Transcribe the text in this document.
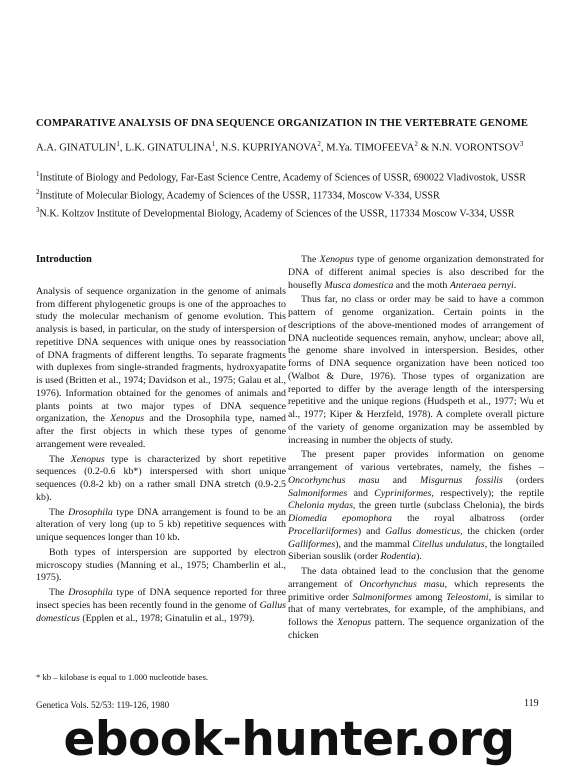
COMPARATIVE ANALYSIS OF DNA SEQUENCE ORGANIZATION IN THE VERTEBRATE GENOME
A.A. GINATULIN$^1$, L.K. GINATULINA$^1$, N.S. KUPRIYANOVA$^2$, M.Ya. TIMOFEEVA$^2$ & N.N. VORONTSOV$^3$
$^1$Institute of Biology and Pedology, Far-East Science Centre, Academy of Sciences of USSR, 690022 Vladivostok, USSR
$^2$Institute of Molecular Biology, Academy of Sciences of the USSR, 117334, Moscow V-334, USSR
$^3$N.K. Koltzov Institute of Developmental Biology, Academy of Sciences of the USSR, 117334 Moscow V-334, USSR
Introduction

Analysis of sequence organization in the genome of animals from different phylogenetic groups is one of the approaches to study the molecular mechanism of genome evolution. This analysis is based, in particular, on the study of interspersion of repetitive DNA sequences with unique ones by reassociation of DNA fragments of different lengths. To separate fragments with duplexes from single-stranded fragments, hydroxyapatite is used (Britten et al., 1974; Davidson et al., 1975; Galau et al., 1976). Information obtained for the genomes of animals and plants points at two major types of DNA sequence organization, the Xenopus and the Drosophila type, named after the first objects in which these types of genome arrangement were revealed.

The Xenopus type is characterized by short repetitive sequences (0.2-0.6 kb*) interspersed with short unique sequences (0.8-2 kb) on a rather small DNA stretch (0.9-2.5 kb).

The Drosophila type DNA arrangement is found to be an alteration of very long (up to 5 kb) repetitive sequences with unique sequences longer than 10 kb.

Both types of interspersion are supported by electron microscopy studies (Manning et al., 1975; Chamberlin et al., 1975).

The Drosophila type of DNA sequence reported for three insect species has been recently found in the genome of Gallus domesticus (Epplen et al., 1978; Ginatulin et al., 1979).

The Xenopus type of genome organization demonstrated for DNA of different animal species is also described for the housefly Musca domestica and the moth Anteraea pernyi.

Thus far, no class or order may be said to have a common pattern of genome organization. Certain points in the descriptions of the above-mentioned modes of arrangement of DNA nucleotide sequences remain, anyhow, unclear; above all, the genome share involved in interspersion. Besides, other forms of DNA sequence organization have been noticed too (Walbot & Dure, 1976). Those types of organization are reported to differ by the average length of the interspersing repetitive and the unique regions (Hudspeth et al., 1977; Wu et al., 1977; Kiper & Herzfeld, 1978). A complete overall picture of the variety of genome organization may be assembled by increasing in number the objects of study.

The present paper provides information on genome arrangement of various vertebrates, namely, the fishes – Oncorhynchus masu and Misgurnus fossilis (orders Salmoniformes and Cypriniformes, respectively); the reptile Chelonia mydas, the green turtle (subclass Chelonia), the birds Diomedia epomophora the royal albatross (order Procellariiformes) and Gallus domesticus, the chicken (order Galliformes), and the mammal Citellus undulatus, the longtailed Siberian souslik (order Rodentia).

The data obtained lead to the conclusion that the genome arrangement of Oncorhynchus masu, which represents the primitive order Salmoniformes among Teleostomi, is similar to that of many vertebrates, for example, of the amphibians, and follows the Xenopus pattern. The sequence organization of the chicken

* kb – kilobase is equal to 1.000 nucleotide bases.
Genetica Vols. 52/53: 119-126, 1980	119
ebook-hunter.org
